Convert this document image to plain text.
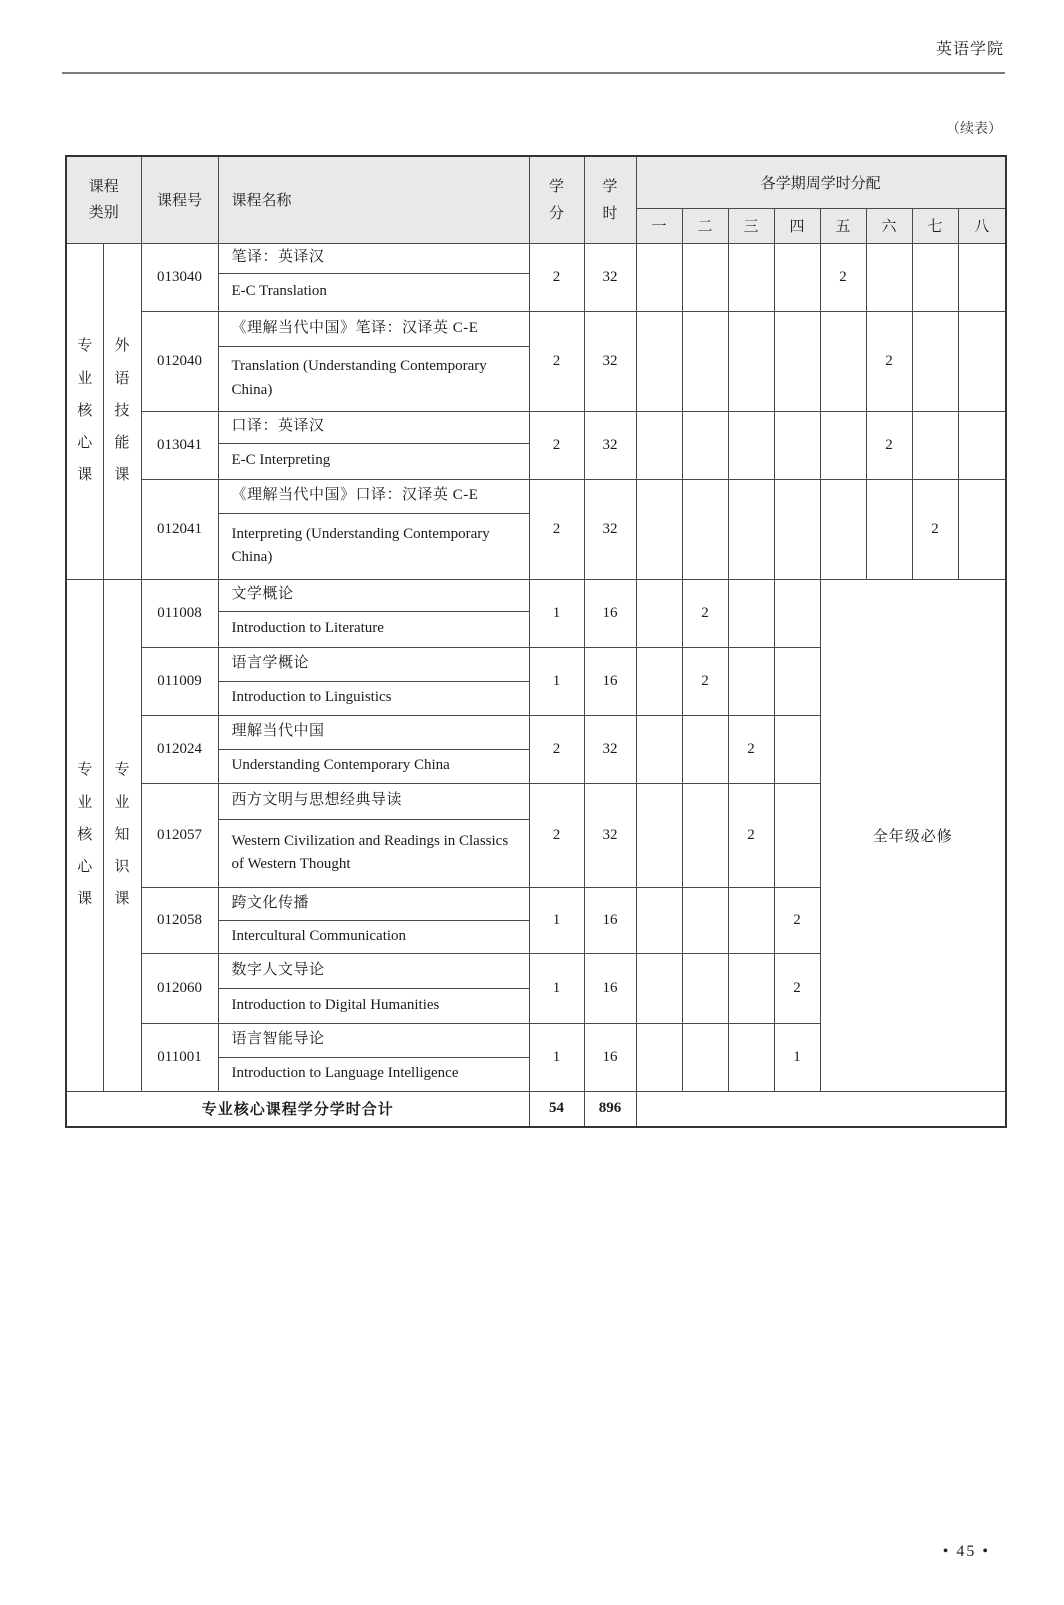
英语学院
（续表）
课程类别		课程号	课程名称	学分	学时	各学期周学时分配							
						一	二	三	四	五	六	七	八
专业核心课	外语技能课	013040	笔译：英译汉	2	32					2			
			E-C Translation										
		012040	《理解当代中国》笔译：汉译英 C-E	2	32						2		
			Translation (Understanding Contemporary China)										
		013041	口译：英译汉	2	32						2		
			E-C Interpreting										
		012041	《理解当代中国》口译：汉译英 C-E	2	32							2	
			Interpreting (Understanding Contemporary China)										
专业核心课	专业知识课	011008	文学概论	1	16		2			全年级必修			
			Introduction to Literature										
		011009	语言学概论	1	16		2						
			Introduction to Linguistics										
		012024	理解当代中国	2	32			2					
			Understanding Contemporary China										
		012057	西方文明与思想经典导读	2	32			2					
			Western Civilization and Readings in Classics of Western Thought										
		012058	跨文化传播	1	16				2				
			Intercultural Communication										
		012060	数字人文导论	1	16				2				
			Introduction to Digital Humanities										
		011001	语言智能导论	1	16				1				
			Introduction to Language Intelligence										
专业核心课程学分学时合计				54	896								
• 45 •
